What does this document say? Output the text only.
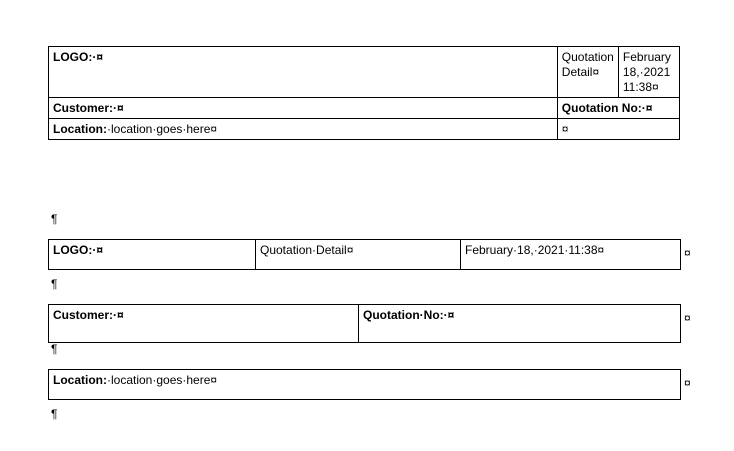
LOGO:·¤	Quotation Detail¤	February 18,·2021 11:38¤
Customer:·¤	Quotation No:·¤	
Location:·location·goes·here¤	¤	
¶
LOGO:·¤	Quotation·Detail¤	February·18,·2021·11:38¤	¤
¶
Customer:·¤	Quotation·No:·¤	¤
¶
Location:·location·goes·here¤	¤
¶
